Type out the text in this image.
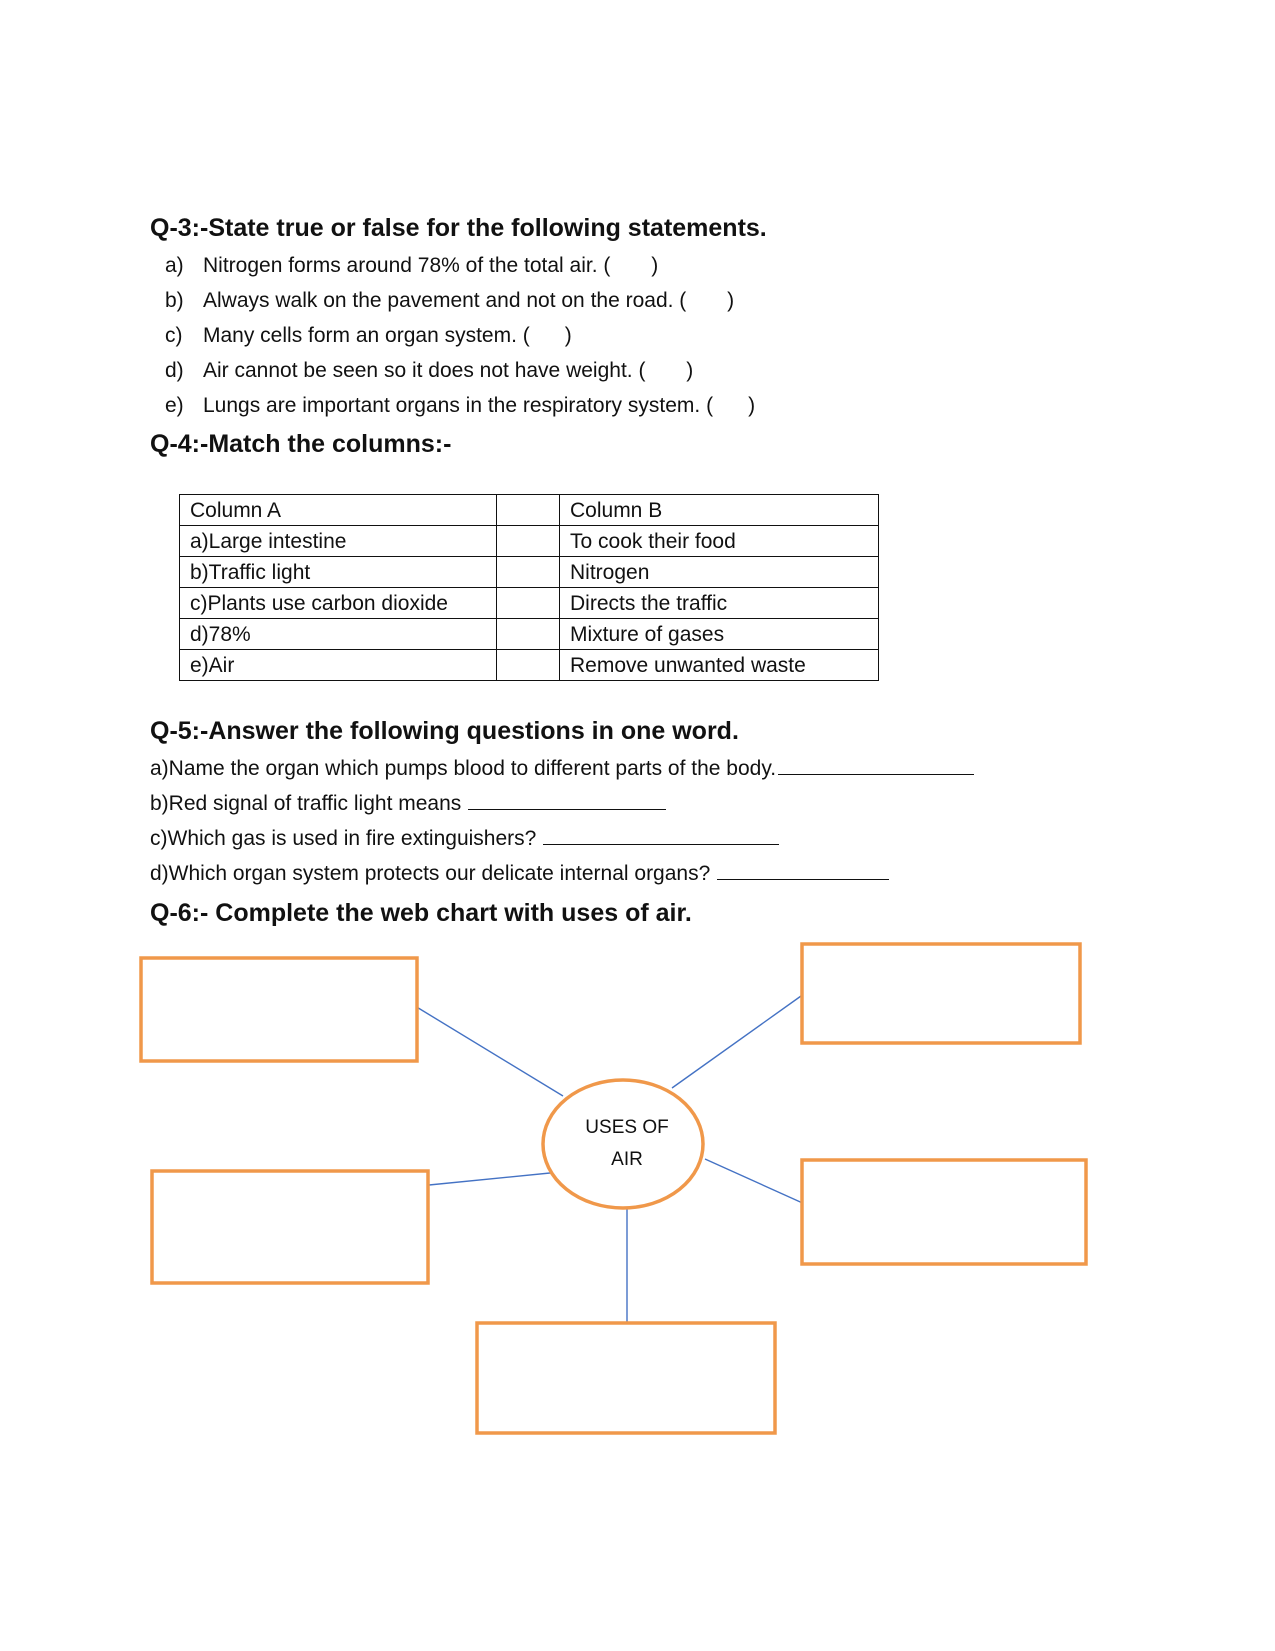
Q-3:-State true or false for the following statements.
a) Nitrogen forms around 78% of the total air. (       )
b) Always walk on the pavement and not on the road. (       )
c) Many cells form an organ system. (      )
d) Air cannot be seen so it does not have weight. (       )
e) Lungs are important organs in the respiratory system. (      )
Q-4:-Match the columns:-
Column A		Column B
a)Large intestine		To cook their food
b)Traffic light		Nitrogen
c)Plants use carbon dioxide		Directs the traffic
d)78%		Mixture of gases
e)Air		Remove unwanted waste
Q-5:-Answer the following questions in one word.
a)Name the organ which pumps blood to different parts of the body.
b)Red signal of traffic light means
c)Which gas is used in fire extinguishers?
d)Which organ system protects our delicate internal organs?
Q-6:- Complete the web chart with uses of air.
USES OF
AIR
